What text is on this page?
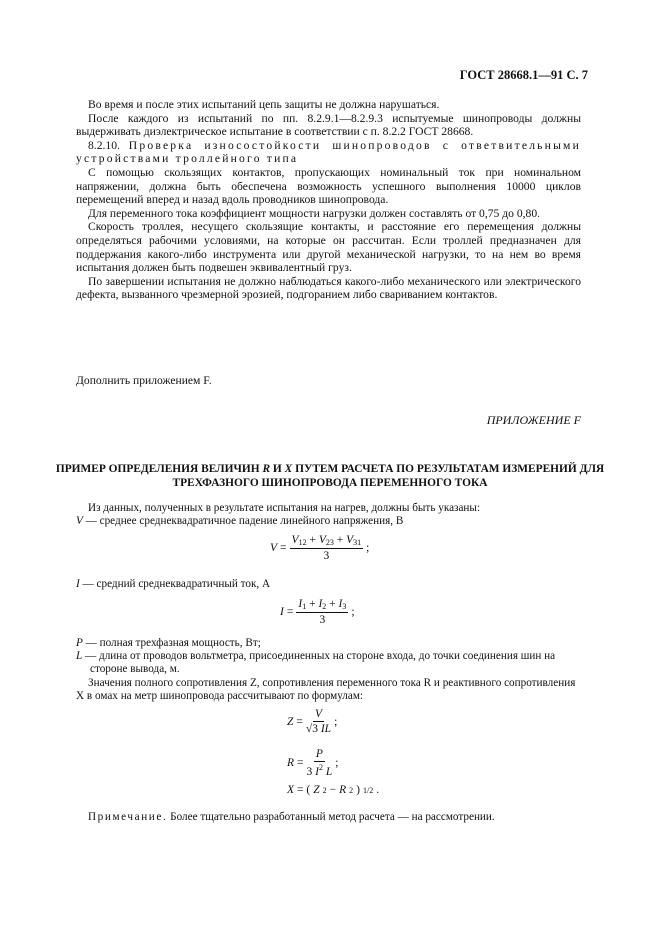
ГОСТ 28668.1—91 С. 7

Во время и после этих испытаний цепь защиты не должна нарушаться.

После каждого из испытаний по пп. 8.2.9.1—8.2.9.3 испытуемые шинопроводы должны выдерживать диэлектрическое испытание в соответствии с п. 8.2.2 ГОСТ 28668.

8.2.10. Проверка износостойкости шинопроводов с ответвительными устройствами троллейного типа

С помощью скользящих контактов, пропускающих номинальный ток при номинальном напряжении, должна быть обеспечена возможность успешного выполнения 10000 циклов перемещений вперед и назад вдоль проводников шинопровода.

Для переменного тока коэффициент мощности нагрузки должен составлять от 0,75 до 0,80.

Скорость троллея, несущего скользящие контакты, и расстояние его перемещения должны определяться рабочими условиями, на которые он рассчитан. Если троллей предназначен для поддержания какого-либо инструмента или другой механической нагрузки, то на нем во время испытания должен быть подвешен эквивалентный груз.

По завершении испытания не должно наблюдаться какого-либо механического или электрического дефекта, вызванного чрезмерной эрозией, подгоранием либо свариванием контактов.

Дополнить приложением F.
ПРИЛОЖЕНИЕ F
ПРИМЕР ОПРЕДЕЛЕНИЯ ВЕЛИЧИН R И X ПУТЕМ РАСЧЕТА ПО РЕЗУЛЬТАТАМ ИЗМЕРЕНИЙ ДЛЯ ТРЕХФАЗНОГО ШИНОПРОВОДА ПЕРЕМЕННОГО ТОКА
Из данных, полученных в результате испытания на нагрев, должны быть указаны:
V — среднее среднеквадратичное падение линейного напряжения, В
$V = \frac{V_{12} + V_{23} + V_{31}}{3}$ ;
I — средний среднеквадратичный ток, А
$I = \frac{I_1 + I_2 + I_3}{3}$ ;
P — полная трехфазная мощность, Вт;
L — длина от проводов вольтметра, присоединенных на стороне входа, до точки соединения шин на стороне вывода, м.
Значения полного сопротивления Z, сопротивления переменного тока R и реактивного сопротивления X в омах на метр шинопровода рассчитывают по формулам:
$Z = \frac{V}{√3 IL}$ ;
$R = \frac{P}{3 I^2 L}$ ;
X = ( Z 2 − R 2 ) 1/2 .
Примечание. Более тщательно разработанный метод расчета — на рассмотрении.
